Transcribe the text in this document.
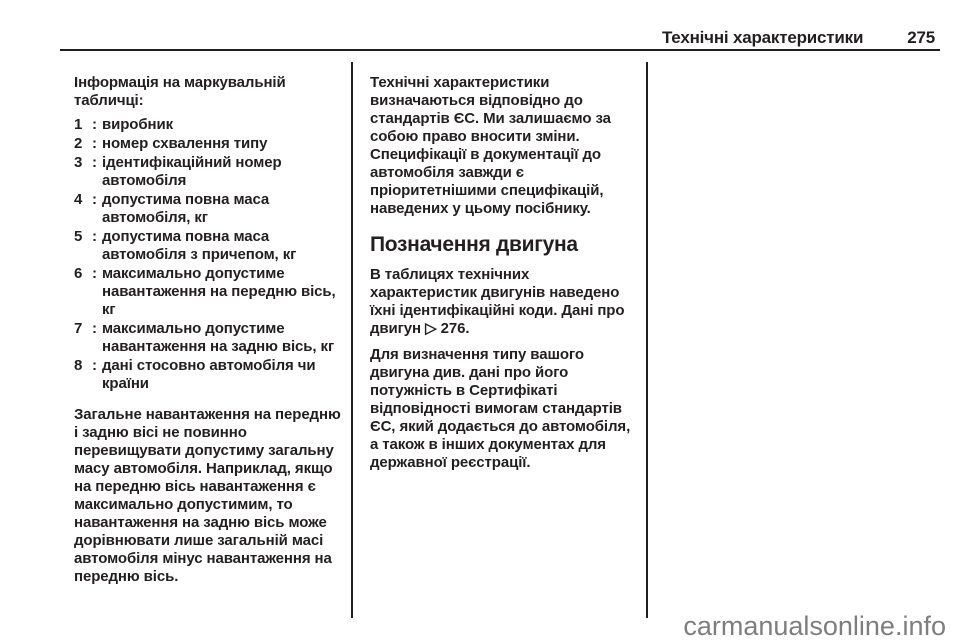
Технічні характеристики	275

Інформація на маркувальній табличці:

1 : виробник
2 : номер схвалення типу
3 : ідентифікаційний номер автомобіля
4 : допустима повна маса автомобіля, кг
5 : допустима повна маса автомобіля з причепом, кг
6 : максимально допустиме навантаження на передню вісь, кг
7 : максимально допустиме навантаження на задню вісь, кг
8 : дані стосовно автомобіля чи країни

Загальне навантаження на передню і задню вісі не повинно перевищувати допустиму загальну масу автомобіля. Наприклад, якщо на передню вісь навантаження є максимально допустимим, то навантаження на задню вісь може дорівнювати лише загальній масі автомобіля мінус навантаження на передню вісь.

Технічні характеристики визначаються відповідно до стандартів ЄС. Ми залишаємо за собою право вносити зміни. Специфікації в документації до автомобіля завжди є пріоритетнішими специфікацій, наведених у цьому посібнику.

Позначення двигуна

В таблицях технічних характеристик двигунів наведено їхні ідентифікаційні коди. Дані про двигун ▷ 276.

Для визначення типу вашого двигуна див. дані про його потужність в Сертифікаті відповідності вимогам стандартів ЄС, який додається до автомобіля, а також в інших документах для державної реєстрації.

carmanualsonline.info
